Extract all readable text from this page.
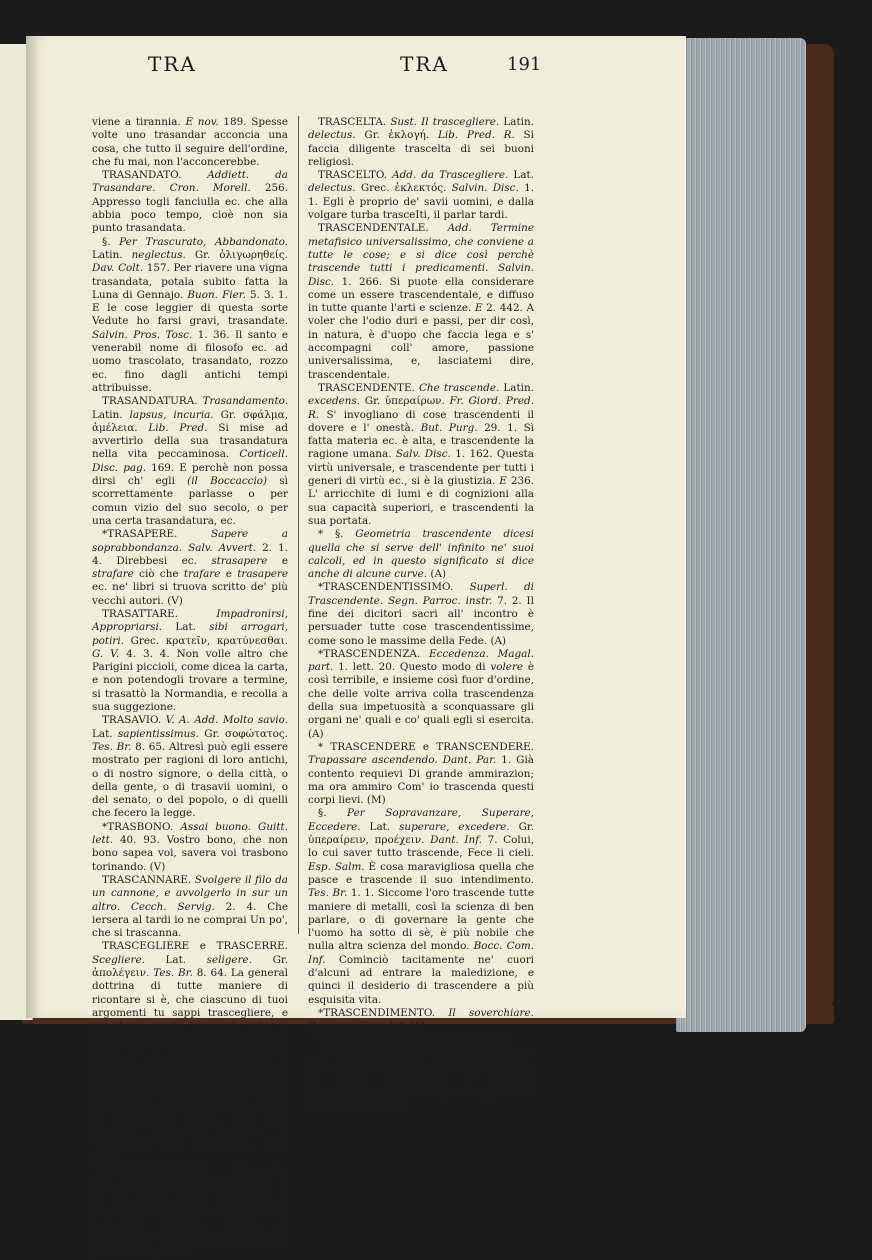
TRA	TRA	191

viene a tirannia. E nov. 189. Spesse volte uno trasandar acconcia una cosa, che tutto il seguire dell'ordine, che fu mai, non l'acconcerebbe.

TRASANDATO. Addiett. da Trasandare. Cron. Morell. 256. Appresso togli fanciulla ec. che alla abbia poco tempo, cioè non sia punto trasandata.

§. Per Trascurato, Abbandonato. Latin. neglectus. Gr. ὀλιγωρηθείς. Dav. Colt. 157. Per riavere una vigna trasandata, potala subito fatta la Luna di Gennajo. Buon. Fier. 5. 3. 1. E le cose leggier di questa sorte Vedute ho farsi gravi, trasandate. Salvin. Pros. Tosc. 1. 36. Il santo e venerabil nome di filosofo ec. ad uomo trascolato, trasandato, rozzo ec. fino dagli antichi tempi attribuisse.

TRASANDATURA. Trasandamento. Latin. lapsus, incuria. Gr. σφάλμα, ἀμέλεια. Lib. Pred. Si mise ad avvertirlo della sua trasandatura nella vita peccaminosa. Corticell. Disc. pag. 169. E perchè non possa dirsi ch' egli (il Boccaccio) sì scorrettamente parlasse o per comun vizio del suo secolo, o per una certa trasandatura, ec.

*TRASAPERE. Sapere a soprabbondanza. Salv. Avvert. 2. 1. 4. Direbbesi ec. strasapere e strafare ciò che trafare e trasapere ec. ne' libri si truova scritto de' più vecchi autori. (V)

TRASATTARE. Impadronirsi, Appropriarsi. Lat. sibi arrogari, potiri. Grec. κρατεῖν, κρατύνεσθαι. G. V. 4. 3. 4. Non volle altro che Parigini piccioli, come dicea la carta, e non potendogli trovare a termine, si trasattò la Normandia, e recolla a sua suggezione.

TRASAVIO. V. A. Add. Molto savio. Lat. sapientissimus. Gr. σοφώτατος. Tes. Br. 8. 65. Altresì può egli essere mostrato per ragioni di loro antichi, o di nostro signore, o della città, o della gente, o di trasavii uomini, o del senato, o del popolo, o di quelli che fecero la legge.

*TRASBONO. Assai buono. Guitt. lett. 40. 93. Vostro bono, che non bono sapea voi, saverа voi trasbono torinando. (V)

TRASCANNARE. Svolgere il filo da un cannone, e avvolgerlo in sur un altro. Cecch. Servig. 2. 4. Che iersera al tardi io ne comprai Un po', che si trascanna.

TRASCEGLIERE e TRASCERRE. Scegliere. Lat. seligere. Gr. ἀπολέγειν. Tes. Br. 8. 64. La general dottrina di tutte maniere di ricontare si è, che ciascuno di tuoi argomenti tu sappi trascegliere, e prendere quello che più vale, e ricontarlo al più breve che tu puoi. Cr. 5. 12. 6. Se per ispessezza de' frutti si caricassero troppo i rami, si se ne deono del mese di Giugno e di Luglio trascerre tutti i viziosi. Fir. As. 167. Le quali (formiche), giunte al desiderato monte, con ogni maggior prestezza attesero a trasceglier quei semi l'uno dall' altro.

TRASCEGLIMENTO. Trascelta. Lat. delectus. Salvin. Pros. Tosc. 1. 5. La purità e la proprietà, il trascegliimento delle voci si studia, acciocchè possano servire di strumenti e d'armi alla bella e alla grande eloquenza.

TRASCELTA. Sust. Il trascegliere. Latin. delectus. Gr. ἐκλογή. Lib. Pred. R. Si faccia diligente trascelta di sei buoni religiosi.

TRASCELTO. Add. da Trascegliere. Lat. delectus. Grec. ἐκλεκτός. Salvin. Disc. 1. 1. Egli è proprio de' savii uomini, e dalla volgare turba trasceIti, il parlar tardi.

TRASCENDENTALE. Add. Termine metafisico universalissimo, che conviene a tutte le cose; e si dice così perchè trascende tutti i predicamenti. Salvin. Disc. 1. 266. Si puote ella considerare come un essere trascendentale, e diffuso in tutte quante l'arti e scienze. E 2. 442. A voler che l'odio duri e passi, per dir così, in natura, è d'uopo che faccia lega e s' accompagni coll' amore, passione universalissima, e, lasciatemi dire, trascendentale.

TRASCENDENTE. Che trascende. Latin. excedens. Gr. ὑπεραίρων. Fr. Giord. Pred. R. S' invogliano di cose trascendenti il dovere e l' onestà. But. Purg. 29. 1. Sì fatta materia ec. è alta, e trascendente la ragione umana. Salv. Disc. 1. 162. Questa virtù universale, e trascendente per tutti i generi di virtù ec., si è la giustizia. E 236. L' arricchite di lumi e di cognizioni alla sua capacità superiori, e trascendenti la sua portata.

* §. Geometria trascendente dicesi quella che si serve dell' infinito ne' suoi calcoli, ed in questo significato si dice anche di alcune curve. (A)

*TRASCENDENTISSIMO. Superl. di Trascendente. Segn. Parroc. instr. 7. 2. Il fine dei dicitori sacri all' incontro è persuader tutte cose trascendentissime, come sono le massime della Fede. (A)

*TRASCENDENZA. Eccedenza. Magal. part. 1. lett. 20. Questo modo di volere è così terribile, e insieme così fuor d'ordine, che delle volte arriva colla trascendenza della sua impetuosità a sconquassare gli organi ne' quali e co' quali egli si esercita. (A)

* TRASCENDERE e TRANSCENDERE. Trapassare ascendendo. Dant. Par. 1. Già contento requievi Di grande ammirazion; ma ora ammiro Com' io trascenda questi corpi lievi. (M)

§. Per Sopravanzare, Superare, Eccedere. Lat. superare, excedere. Gr. ὑπεραίρειν, προέχειν. Dant. Inf. 7. Colui, lo cui saver tutto trascende, Fece li cieli. Esp. Salm. È cosa maravigliosa quella che pasce e trascende il suo intendimento. Tes. Br. 1. 1. Siccome l'oro trascende tutte maniere di metalli, così la scienza di ben parlare, o di governare la gente che l'uomo ha sotto di sè, è più nobile che nulla altra scienza del mondo. Bocc. Com. Inf. Cominciò tacitamente ne' cuori d'alcuni ad entrare la maledizione, e quinci il desiderio di trascendere a più esquisita vita.

*TRASCENDIMENTO. Il soverchiare. Boccacc. Com. Inf. (A)

TRASCERRE. Ved. TRASCEGLIERE.

* TRASCINARE. Strascinare. Fav. Esop. 157. Udendo la vipra così parlare la lima, fu molto insuperbita, e vennela trascinando per la casa. (Così legge l'ediz. di Fir. 1778; quella
